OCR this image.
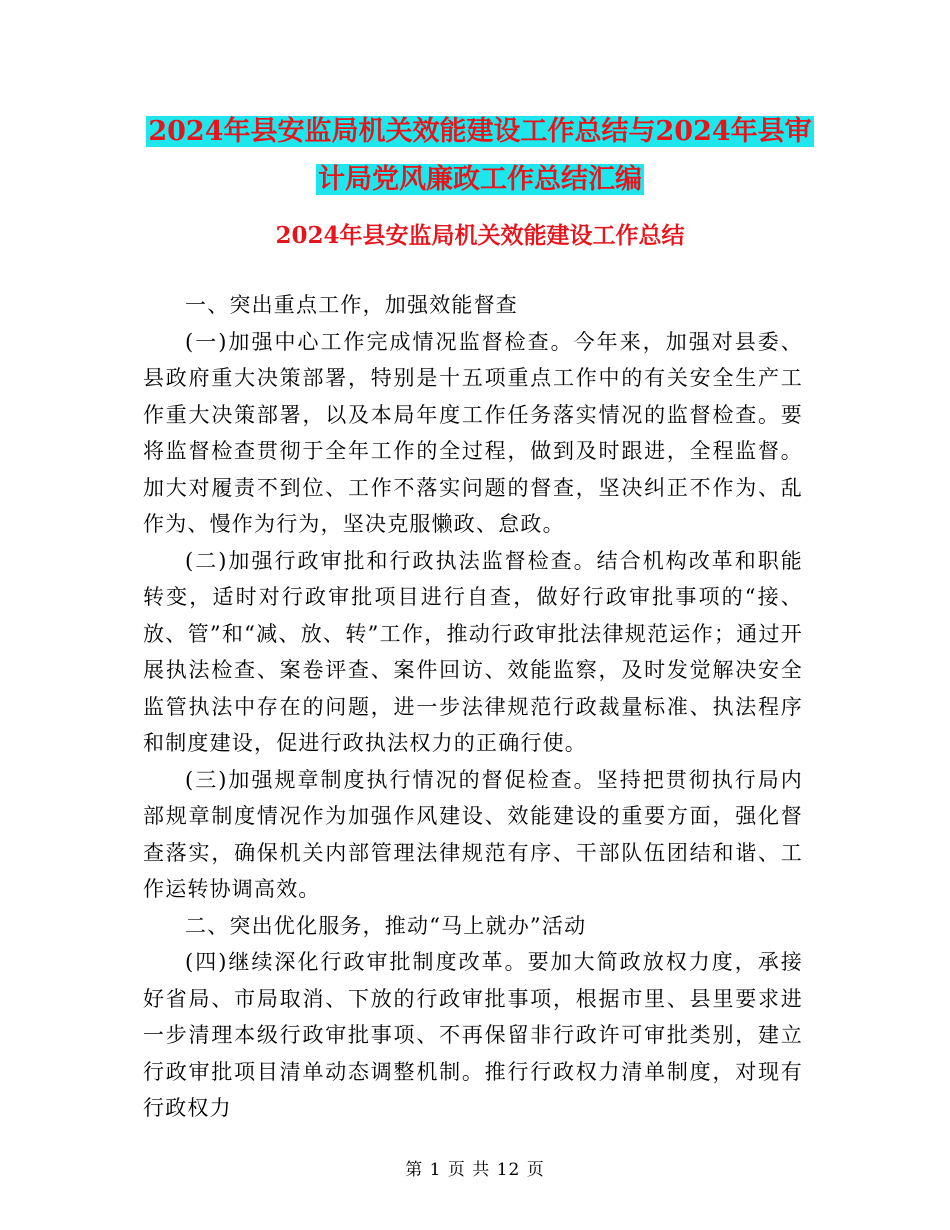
2024年县安监局机关效能建设工作总结与2024年县审
计局党风廉政工作总结汇编
2024年县安监局机关效能建设工作总结

一、突出重点工作，加强效能督查

(一)加强中心工作完成情况监督检查。今年来，加强对县委、县政府重大决策部署，特别是十五项重点工作中的有关安全生产工作重大决策部署，以及本局年度工作任务落实情况的监督检查。要将监督检查贯彻于全年工作的全过程，做到及时跟进，全程监督。加大对履责不到位、工作不落实问题的督查，坚决纠正不作为、乱作为、慢作为行为，坚决克服懒政、怠政。

(二)加强行政审批和行政执法监督检查。结合机构改革和职能转变，适时对行政审批项目进行自查，做好行政审批事项的“接、放、管”和“减、放、转”工作，推动行政审批法律规范运作；通过开展执法检查、案卷评查、案件回访、效能监察，及时发觉解决安全监管执法中存在的问题，进一步法律规范行政裁量标准、执法程序和制度建设，促进行政执法权力的正确行使。

(三)加强规章制度执行情况的督促检查。坚持把贯彻执行局内部规章制度情况作为加强作风建设、效能建设的重要方面，强化督查落实，确保机关内部管理法律规范有序、干部队伍团结和谐、工作运转协调高效。

二、突出优化服务，推动“马上就办”活动

(四)继续深化行政审批制度改革。要加大简政放权力度，承接好省局、市局取消、下放的行政审批事项，根据市里、县里要求进一步清理本级行政审批事项、不再保留非行政许可审批类别，建立行政审批项目清单动态调整机制。推行行政权力清单制度，对现有行政权力

第 1 页 共 12 页
